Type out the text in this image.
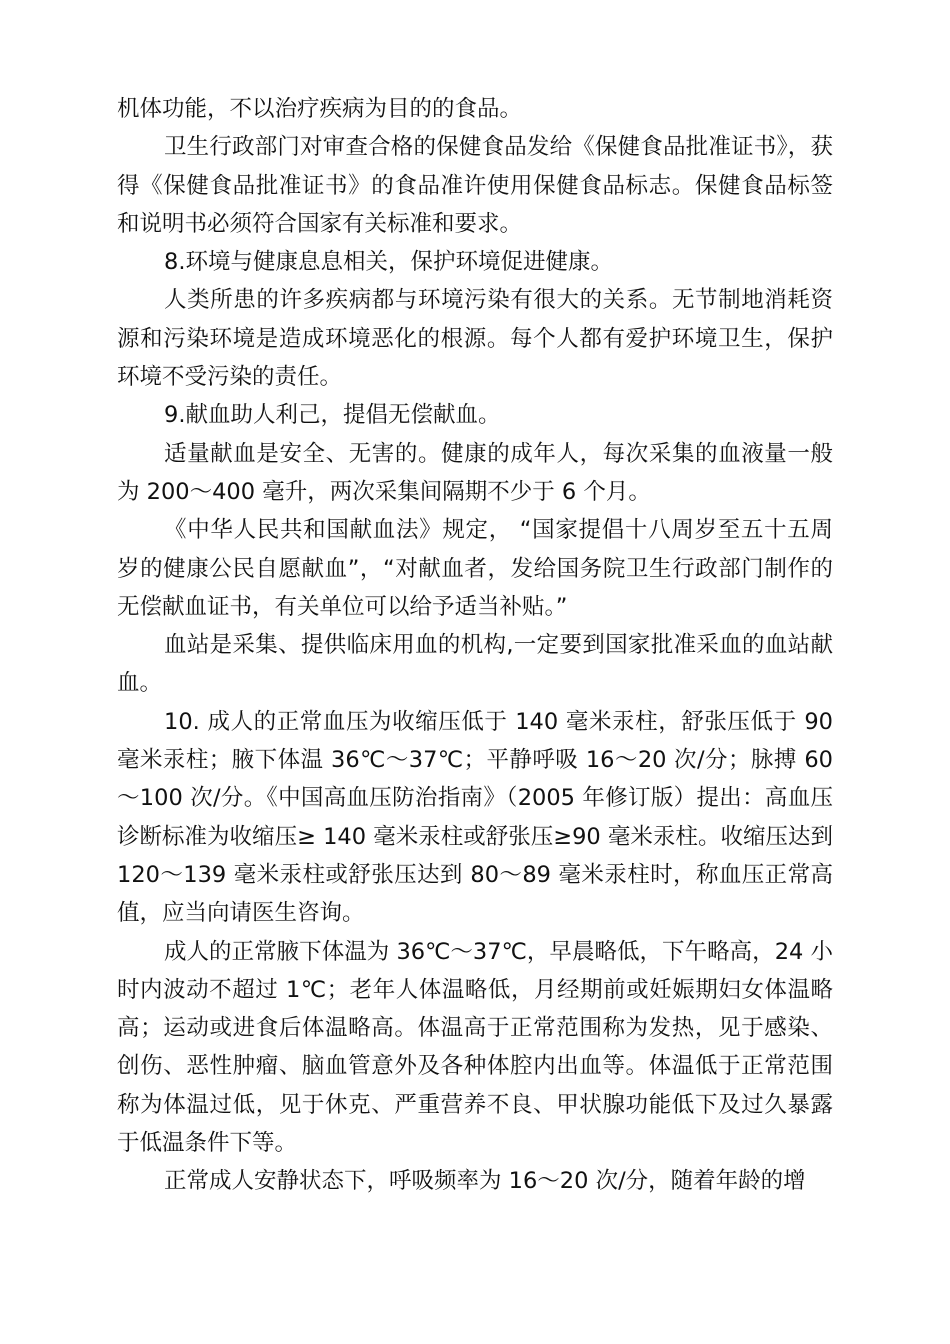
机体功能，不以治疗疾病为目的的食品。

卫生行政部门对审查合格的保健食品发给《保健食品批准证书》，获得《保健食品批准证书》的食品准许使用保健食品标志。保健食品标签和说明书必须符合国家有关标准和要求。

8.环境与健康息息相关，保护环境促进健康。

人类所患的许多疾病都与环境污染有很大的关系。无节制地消耗资源和污染环境是造成环境恶化的根源。每个人都有爱护环境卫生，保护环境不受污染的责任。

9.献血助人利己，提倡无偿献血。

适量献血是安全、无害的。健康的成年人，每次采集的血液量一般为 200～400 毫升，两次采集间隔期不少于 6 个月。

《中华人民共和国献血法》规定， “国家提倡十八周岁至五十五周岁的健康公民自愿献血”，“对献血者，发给国务院卫生行政部门制作的无偿献血证书，有关单位可以给予适当补贴。”

血站是采集、提供临床用血的机构,一定要到国家批准采血的血站献血。

10. 成人的正常血压为收缩压低于 140 毫米汞柱，舒张压低于 90 毫米汞柱；腋下体温 36℃～37℃；平静呼吸 16～20 次/分；脉搏 60～100 次/分。《中国高血压防治指南》（2005 年修订版）提出：高血压诊断标准为收缩压≥ 140 毫米汞柱或舒张压≥90 毫米汞柱。收缩压达到 120～139 毫米汞柱或舒张压达到 80～89 毫米汞柱时，称血压正常高值，应当向请医生咨询。

成人的正常腋下体温为 36℃～37℃，早晨略低，下午略高，24 小时内波动不超过 1℃；老年人体温略低，月经期前或妊娠期妇女体温略高；运动或进食后体温略高。体温高于正常范围称为发热，见于感染、创伤、恶性肿瘤、脑血管意外及各种体腔内出血等。体温低于正常范围称为体温过低，见于休克、严重营养不良、甲状腺功能低下及过久暴露于低温条件下等。

正常成人安静状态下，呼吸频率为 16～20 次/分，随着年龄的增
